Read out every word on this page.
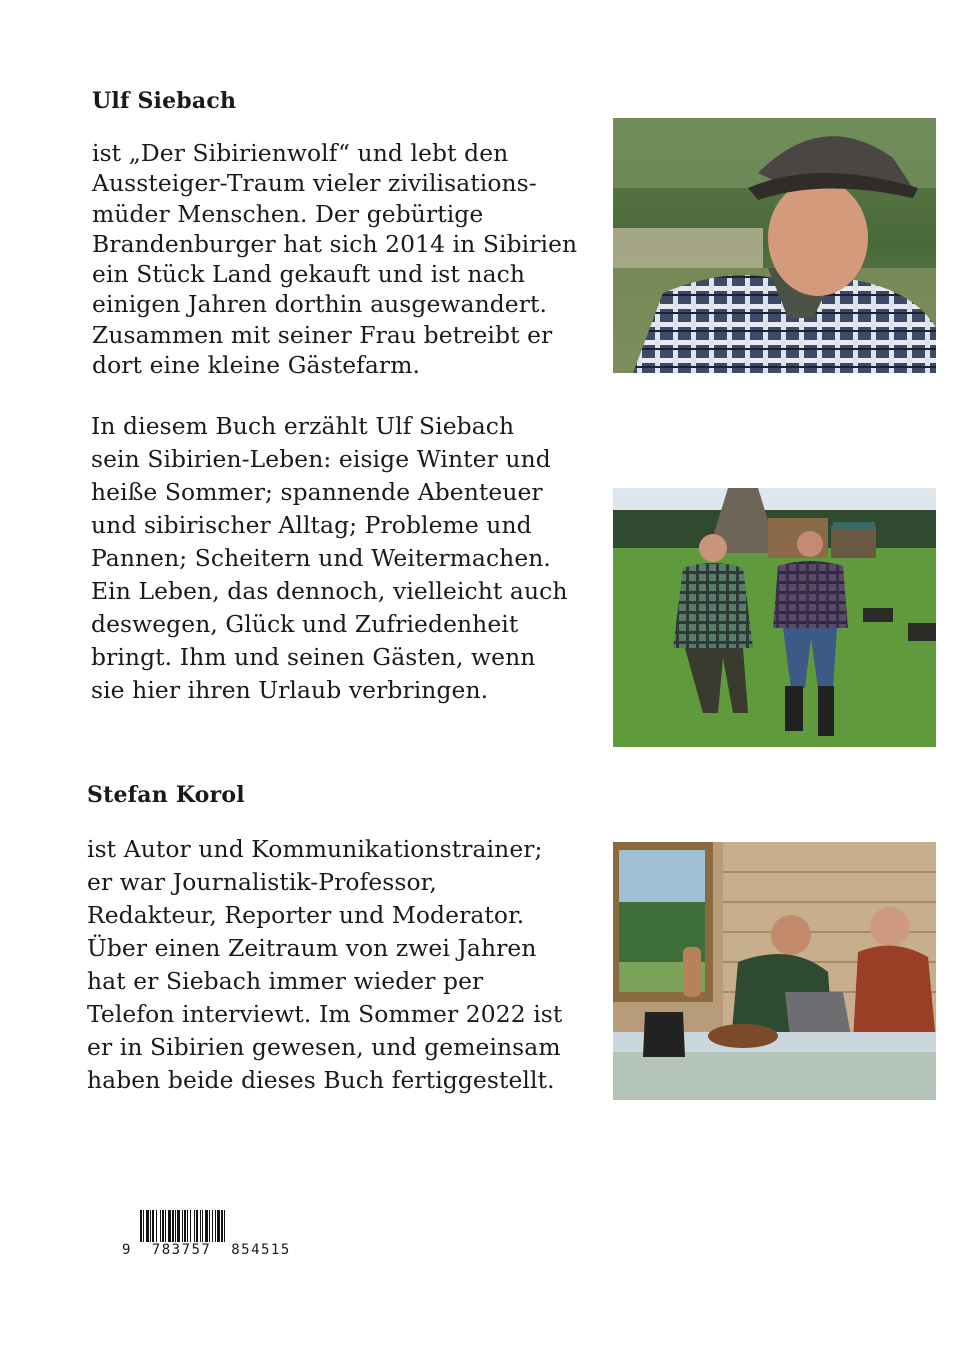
Ulf Siebach

ist „Der Sibirienwolf“ und lebt den
Aussteiger-Traum vieler zivilisations-
müder Menschen. Der gebürtige
Brandenburger hat sich 2014 in Sibirien
ein Stück Land gekauft und ist nach
einigen Jahren dorthin ausgewandert.
Zusammen mit seiner Frau betreibt er
dort eine kleine Gästefarm.

In diesem Buch erzählt Ulf Siebach
sein Sibirien-Leben: eisige Winter und
heiße Sommer; spannende Abenteuer
und sibirischer Alltag; Probleme und
Pannen; Scheitern und Weitermachen.
Ein Leben, das dennoch, vielleicht auch
deswegen, Glück und Zufriedenheit
bringt. Ihm und seinen Gästen, wenn
sie hier ihren Urlaub verbringen.

Stefan Korol

ist Autor und Kommunikationstrainer;
er war Journalistik-Professor,
Redakteur, Reporter und Moderator.
Über einen Zeitraum von zwei Jahren
hat er Siebach immer wieder per
Telefon interviewt. Im Sommer 2022 ist
er in Sibirien gewesen, und gemeinsam
haben beide dieses Buch fertiggestellt.

9  783757  854515
